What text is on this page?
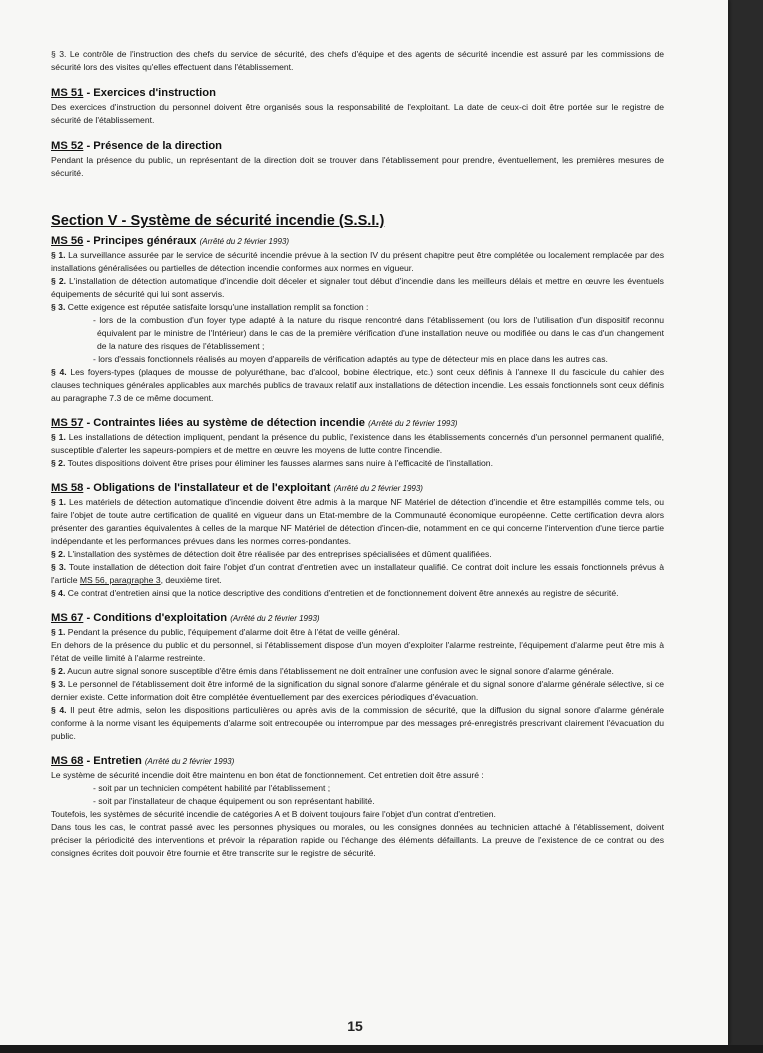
§ 3. Le contrôle de l'instruction des chefs du service de sécurité, des chefs d'équipe et des agents de sécurité incendie est assuré par les commissions de sécurité lors des visites qu'elles effectuent dans l'établissement.

MS 51 - Exercices d'instruction

Des exercices d'instruction du personnel doivent être organisés sous la responsabilité de l'exploitant. La date de ceux-ci doit être portée sur le registre de sécurité de l'établissement.

MS 52 - Présence de la direction

Pendant la présence du public, un représentant de la direction doit se trouver dans l'établissement pour prendre, éventuellement, les premières mesures de sécurité.

Section V - Système de sécurité incendie (S.S.I.)
MS 56 - Principes généraux (Arrêté du 2 février 1993)

§ 1. La surveillance assurée par le service de sécurité incendie prévue à la section IV du présent chapitre peut être complétée ou localement remplacée par des installations généralisées ou partielles de détection incendie conformes aux normes en vigueur.

§ 2. L'installation de détection automatique d'incendie doit déceler et signaler tout début d'incendie dans les meilleurs délais et mettre en œuvre les éventuels équipements de sécurité qui lui sont asservis.

§ 3. Cette exigence est réputée satisfaite lorsqu'une installation remplit sa fonction :

- lors de la combustion d'un foyer type adapté à la nature du risque rencontré dans l'établissement (ou lors de l'utilisation d'un dispositif reconnu équivalent par le ministre de l'Intérieur) dans le cas de la première vérification d'une installation neuve ou modifiée ou dans le cas d'un changement de la nature des risques de l'établissement ;

- lors d'essais fonctionnels réalisés au moyen d'appareils de vérification adaptés au type de détecteur mis en place dans les autres cas.

§ 4. Les foyers-types (plaques de mousse de polyuréthane, bac d'alcool, bobine électrique, etc.) sont ceux définis à l'annexe II du fascicule du cahier des clauses techniques générales applicables aux marchés publics de travaux relatif aux installations de détection incendie. Les essais fonctionnels sont ceux définis au paragraphe 7.3 de ce même document.

MS 57 - Contraintes liées au système de détection incendie (Arrêté du 2 février 1993)

§ 1. Les installations de détection impliquent, pendant la présence du public, l'existence dans les établissements concernés d'un personnel permanent qualifié, susceptible d'alerter les sapeurs-pompiers et de mettre en œuvre les moyens de lutte contre l'incendie.

§ 2. Toutes dispositions doivent être prises pour éliminer les fausses alarmes sans nuire à l'efficacité de l'installation.

MS 58 - Obligations de l'installateur et de l'exploitant (Arrêté du 2 février 1993)

§ 1. Les matériels de détection automatique d'incendie doivent être admis à la marque NF Matériel de détection d'incendie et être estampillés comme tels, ou faire l'objet de toute autre certification de qualité en vigueur dans un Etat-membre de la Communauté économique européenne. Cette certification devra alors présenter des garanties équivalentes à celles de la marque NF Matériel de détection d'incen-die, notamment en ce qui concerne l'intervention d'une tierce partie indépendante et les performances prévues dans les normes corres-pondantes.

§ 2. L'installation des systèmes de détection doit être réalisée par des entreprises spécialisées et dûment qualifiées.

§ 3. Toute installation de détection doit faire l'objet d'un contrat d'entretien avec un installateur qualifié. Ce contrat doit inclure les essais fonctionnels prévus à l'article MS 56, paragraphe 3, deuxième tiret.

§ 4. Ce contrat d'entretien ainsi que la notice descriptive des conditions d'entretien et de fonctionnement doivent être annexés au registre de sécurité.

MS 67 - Conditions d'exploitation (Arrêté du 2 février 1993)

§ 1. Pendant la présence du public, l'équipement d'alarme doit être à l'état de veille général.

En dehors de la présence du public et du personnel, si l'établissement dispose d'un moyen d'exploiter l'alarme restreinte, l'équipement d'alarme peut être mis à l'état de veille limité à l'alarme restreinte.

§ 2. Aucun autre signal sonore susceptible d'être émis dans l'établissement ne doit entraîner une confusion avec le signal sonore d'alarme générale.

§ 3. Le personnel de l'établissement doit être informé de la signification du signal sonore d'alarme générale et du signal sonore d'alarme générale sélective, si ce dernier existe. Cette information doit être complétée éventuellement par des exercices périodiques d'évacuation.

§ 4. Il peut être admis, selon les dispositions particulières ou après avis de la commission de sécurité, que la diffusion du signal sonore d'alarme générale conforme à la norme visant les équipements d'alarme soit entrecoupée ou interrompue par des messages pré-enregistrés prescrivant clairement l'évacuation du public.

MS 68 - Entretien (Arrêté du 2 février 1993)

Le système de sécurité incendie doit être maintenu en bon état de fonctionnement. Cet entretien doit être assuré :

- soit par un technicien compétent habilité par l'établissement ;

- soit par l'installateur de chaque équipement ou son représentant habilité.

Toutefois, les systèmes de sécurité incendie de catégories A et B doivent toujours faire l'objet d'un contrat d'entretien.

Dans tous les cas, le contrat passé avec les personnes physiques ou morales, ou les consignes données au technicien attaché à l'établissement, doivent préciser la périodicité des interventions et prévoir la réparation rapide ou l'échange des éléments défaillants. La preuve de l'existence de ce contrat ou des consignes écrites doit pouvoir être fournie et être transcrite sur le registre de sécurité.

15
